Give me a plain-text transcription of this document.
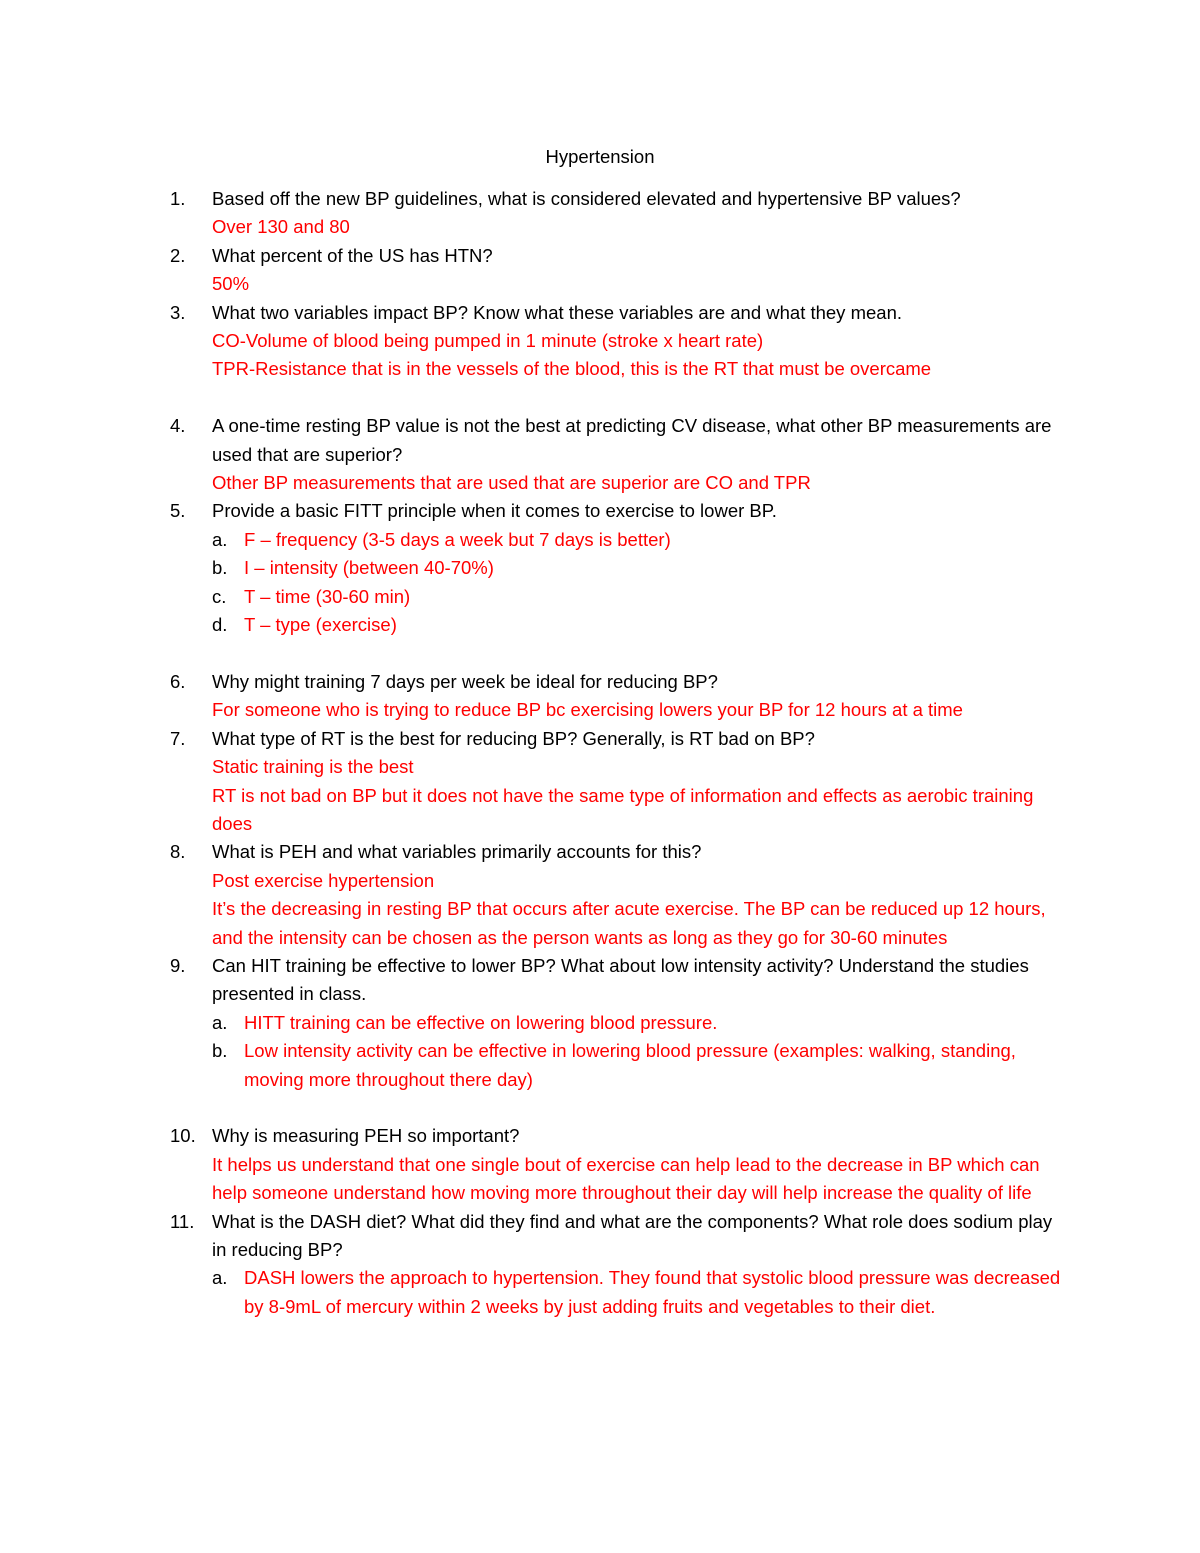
Hypertension
1.	Based off the new BP guidelines, what is considered elevated and hypertensive BP values?
Over 130 and 80
2.	What percent of the US has HTN?
50%
3.	What two variables impact BP? Know what these variables are and what they mean.
CO-Volume of blood being pumped in 1 minute (stroke x heart rate)
TPR-Resistance that is in the vessels of the blood, this is the RT that must be overcame
4.	A one-time resting BP value is not the best at predicting CV disease, what other BP measurements are used that are superior?
Other BP measurements that are used that are superior are CO and TPR
5.	Provide a basic FITT principle when it comes to exercise to lower BP.
a. F – frequency (3-5 days a week but 7 days is better)
b. I – intensity (between 40-70%)
c. T – time (30-60 min)
d. T – type (exercise)
6.	Why might training 7 days per week be ideal for reducing BP?
For someone who is trying to reduce BP bc exercising lowers your BP for 12 hours at a time
7.	What type of RT is the best for reducing BP? Generally, is RT bad on BP?
Static training is the best
RT is not bad on BP but it does not have the same type of information and effects as aerobic training does
8.	What is PEH and what variables primarily accounts for this?
Post exercise hypertension
It’s the decreasing in resting BP that occurs after acute exercise. The BP can be reduced up 12 hours, and the intensity can be chosen as the person wants as long as they go for 30-60 minutes
9.	Can HIT training be effective to lower BP? What about low intensity activity? Understand the studies presented in class.
a. HITT training can be effective on lowering blood pressure.
b. Low intensity activity can be effective in lowering blood pressure (examples: walking, standing, moving more throughout there day)
10. Why is measuring PEH so important?
It helps us understand that one single bout of exercise can help lead to the decrease in BP which can help someone understand how moving more throughout their day will help increase the quality of life
11. What is the DASH diet? What did they find and what are the components? What role does sodium play in reducing BP?
a. DASH lowers the approach to hypertension. They found that systolic blood pressure was decreased by 8-9mL of mercury within 2 weeks by just adding fruits and vegetables to their diet.
